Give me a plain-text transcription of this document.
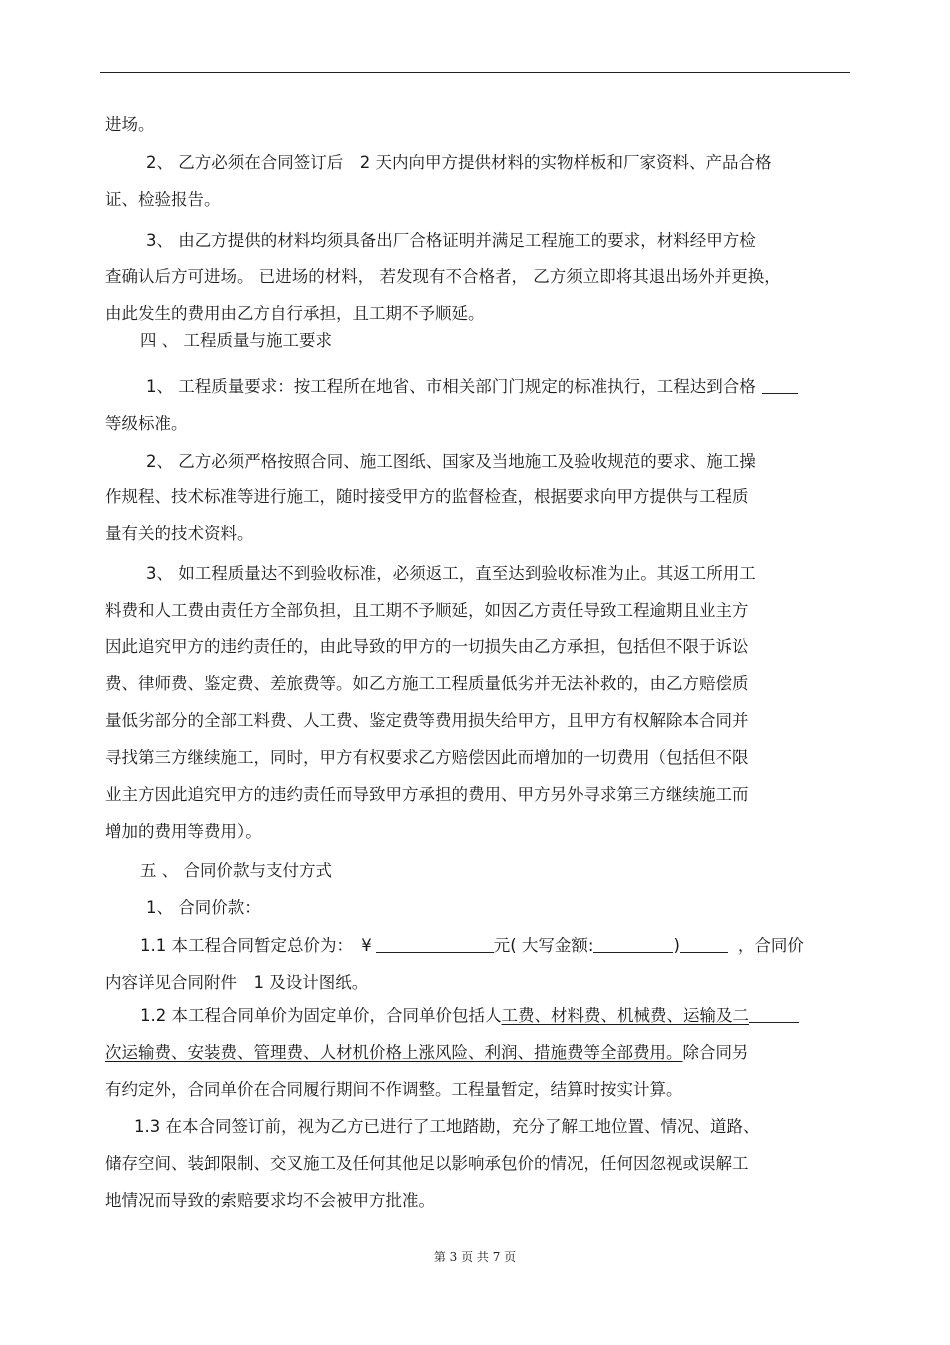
进场。
2、 乙方必须在合同签订后　2 天内向甲方提供材料的实物样板和厂家资料、产品合格
证、检验报告。
3、 由乙方提供的材料均须具备出厂合格证明并满足工程施工的要求，材料经甲方检
查确认后方可进场。 已进场的材料， 若发现有不合格者， 乙方须立即将其退出场外并更换，
由此发生的费用由乙方自行承担，且工期不予顺延。
四 、 工程质量与施工要求
1、 工程质量要求：按工程所在地省、市相关部门门规定的标准执行，工程达到合格
等级标准。
2、 乙方必须严格按照合同、施工图纸、国家及当地施工及验收规范的要求、施工操
作规程、技术标准等进行施工，随时接受甲方的监督检查，根据要求向甲方提供与工程质
量有关的技术资料。
3、 如工程质量达不到验收标准，必须返工，直至达到验收标准为止。其返工所用工
料费和人工费由责任方全部负担，且工期不予顺延，如因乙方责任导致工程逾期且业主方
因此追究甲方的违约责任的，由此导致的甲方的一切损失由乙方承担，包括但不限于诉讼
费、律师费、鉴定费、差旅费等。如乙方施工工程质量低劣并无法补救的，由乙方赔偿质
量低劣部分的全部工料费、人工费、鉴定费等费用损失给甲方，且甲方有权解除本合同并
寻找第三方继续施工，同时，甲方有权要求乙方赔偿因此而增加的一切费用（包括但不限
业主方因此追究甲方的违约责任而导致甲方承担的费用、甲方另外寻求第三方继续施工而
增加的费用等费用）。
五 、 合同价款与支付方式
1、 合同价款：
1.1 本工程合同暂定总价为：　¥	元( 大写金额:	)	，合同价
内容详见合同附件　1 及设计图纸。
1.2 本工程合同单价为固定单价，合同单价包括人工费、材料费、机械费、运输及二
次运输费、安装费、管理费、人材机价格上涨风险、利润、措施费等全部费用。除合同另
有约定外，合同单价在合同履行期间不作调整。工程量暂定，结算时按实计算。
1.3 在本合同签订前，视为乙方已进行了工地踏勘，充分了解工地位置、情况、道路、
储存空间、装卸限制、交叉施工及任何其他足以影响承包价的情况，任何因忽视或误解工
地情况而导致的索赔要求均不会被甲方批准。
第 3 页 共 7 页
